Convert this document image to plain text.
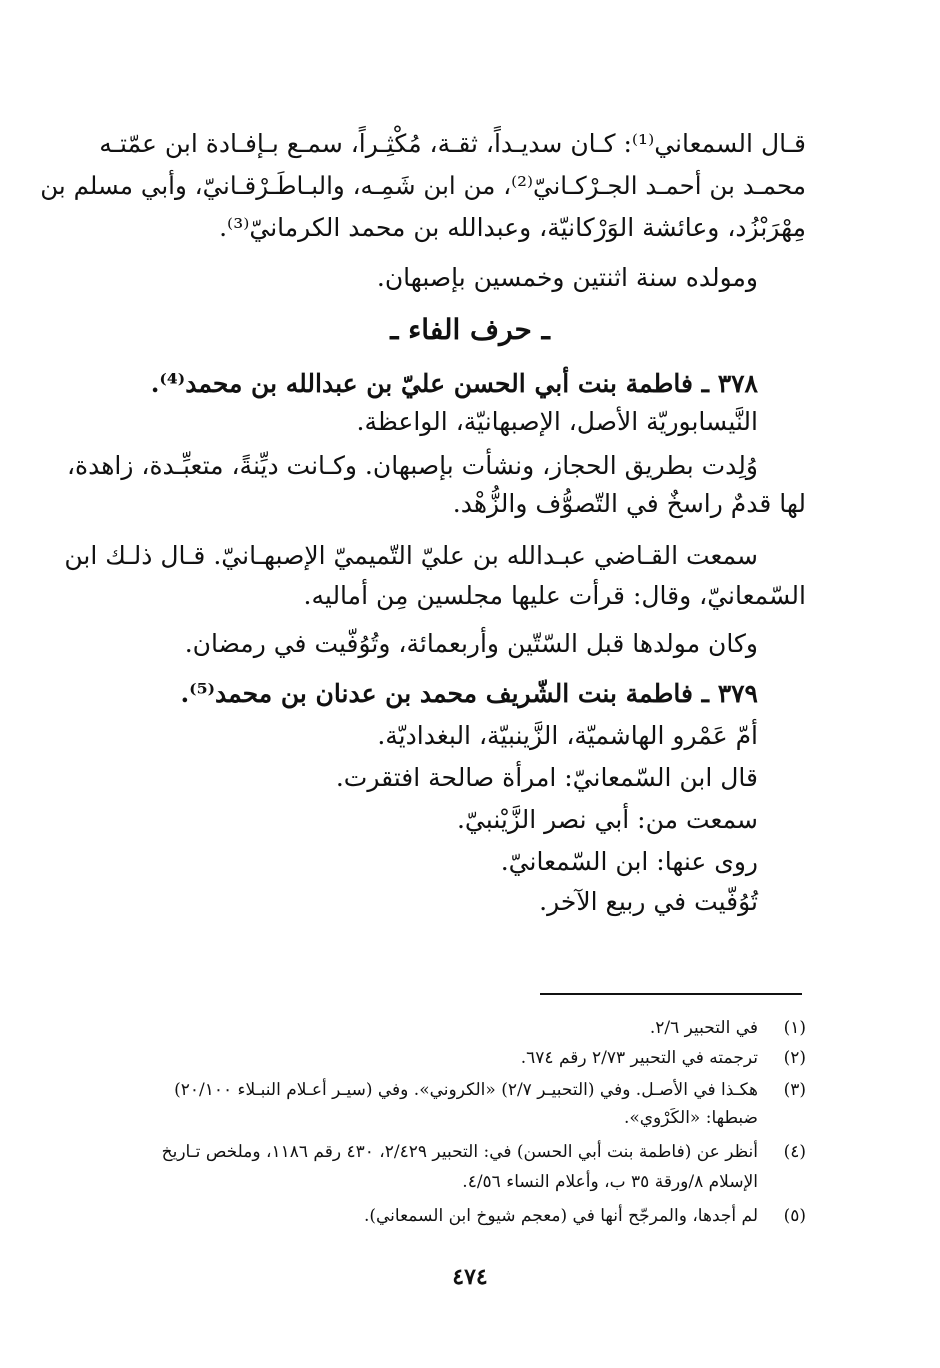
قـال السمعاني⁽¹⁾: كـان سديـداً، ثقـة، مُكْثِـراً، سمـع بـإفـادة ابن عمّتـه
محمـد بن أحمـد الجـرْكـانيّ⁽²⁾، من ابن شَمِـه، والبـاطَـرْقـانيّ، وأبي مسلم بن
مِهْرَبْزُد، وعائشة الوَرْكانيّة، وعبدالله بن محمد الكرمانيّ⁽³⁾.
ومولده سنة اثنتين وخمسين بإصبهان.
ـ حرف الفاء ـ
٣٧٨ ـ فاطمة بنت أبي الحسن عليّ بن عبدالله بن محمد⁽⁴⁾.
النَّيسابوريّة الأصل، الإصبهانيّة، الواعظة.
وُلِدت بطريق الحجاز، ونشأت بإصبهان. وكـانت ديِّنةً، متعبِّـدة، زاهدة،
لها قدمٌ راسخٌ في التّصوُّف والزُّهْد.
سمعت القـاضي عبـدالله بن عليّ التّميميّ الإصبهـانيّ. قـال ذلـك ابن
السّمعانيّ، وقال: قرأت عليها مجلسين مِن أماليه.
وكان مولدها قبل السّتّين وأربعمائة، وتُوُفّيت في رمضان.
٣٧٩ ـ فاطمة بنت الشّريف محمد بن عدنان بن محمد⁽⁵⁾.
أمّ عَمْرو الهاشميّة، الزَّينبيّة، البغداديّة.
قال ابن السّمعانيّ: امرأة صالحة افتقرت.
سمعت من: أبي نصر الزَّيْنبيّ.
روى عنها: ابن السّمعانيّ.
تُوُفّيت في ربيع الآخر.
(١)
في التحبير ٢/٦.
(٢)
ترجمته في التحبير ٢/٧٣ رقم ٦٧٤.
(٣)
هكـذا في الأصـل. وفي (التحبيـر ٢/٧) «الكروني». وفي (سيـر أعـلام النبـلاء ٢٠/١٠٠)
ضبطها: «الكَرْوي».
(٤)
أنظر عن (فاطمة بنت أبي الحسن) في: التحبير ٢/٤٢٩، ٤٣٠ رقم ١١٨٦، وملخص تـاريخ
الإسلام ٨/ورقة ٣٥ ب، وأعلام النساء ٤/٥٦.
(٥)
لم أجدها، والمرجّح أنها في (معجم شيوخ ابن السمعاني).
٤٧٤
